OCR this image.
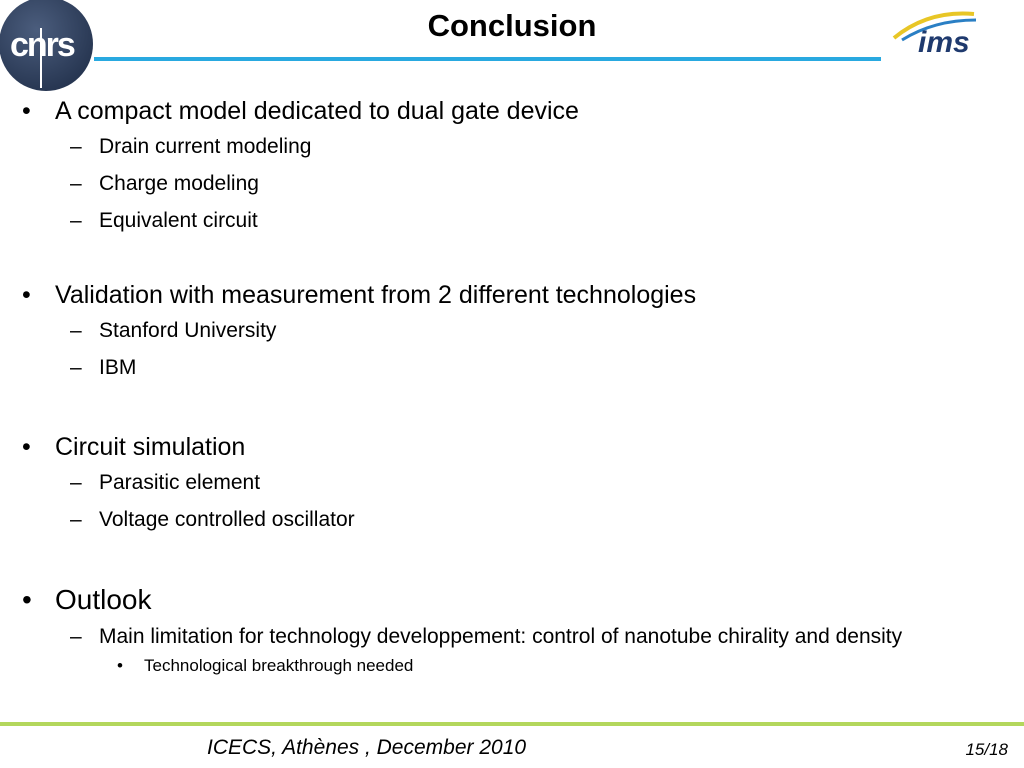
cnrs	ims
Conclusion
• A compact model dedicated to dual gate device
– Drain current modeling
– Charge modeling
– Equivalent circuit
• Validation with measurement from 2 different technologies
– Stanford University
– IBM
• Circuit simulation
– Parasitic element
– Voltage controlled oscillator
• Outlook
– Main limitation for technology developpement: control of nanotube chirality and density
• Technological breakthrough needed
ICECS, Athènes , December 2010	15/18
